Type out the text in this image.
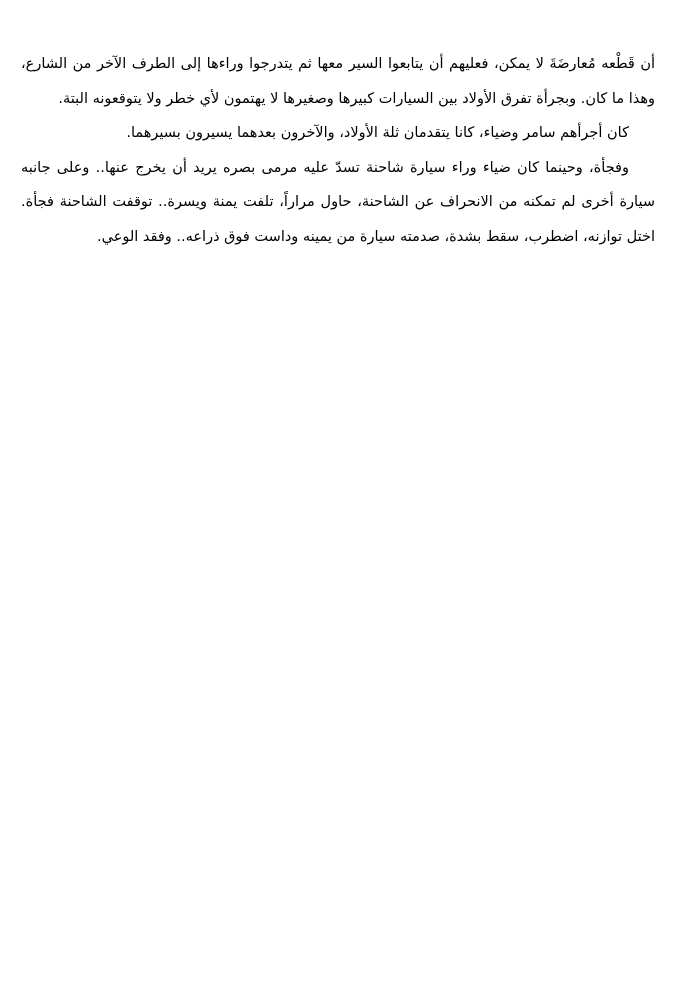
أن قَطْعه مُعارضَةَ لا يمكن، فعليهم أن يتابعوا السير معها ثم يتدرجوا وراءها إلى الطرف الآخر من الشارع، وهذا ما كان. وبجرأة تفرق الأولاد بين السيارات كبيرها وصغيرها لا يهتمون لأي خطر ولا يتوقعونه البتة.

كان أجرأهم سامر وضياء، كانا يتقدمان ثلة الأولاد، والآخرون بعدهما يسيرون بسيرهما.

وفجأة، وحينما كان ضياء وراء سيارة شاحنة تسدّ عليه مرمى بصره يريد أن يخرج عنها.. وعلى جانبه سيارة أخرى لم تمكنه من الانحراف عن الشاحنة، حاول مراراً، تلفت يمنة ويسرة.. توقفت الشاحنة فجأة. اختل توازنه، اضطرب، سقط بشدة، صدمته سيارة من يمينه وداست فوق ذراعه.. وفقد الوعي.
